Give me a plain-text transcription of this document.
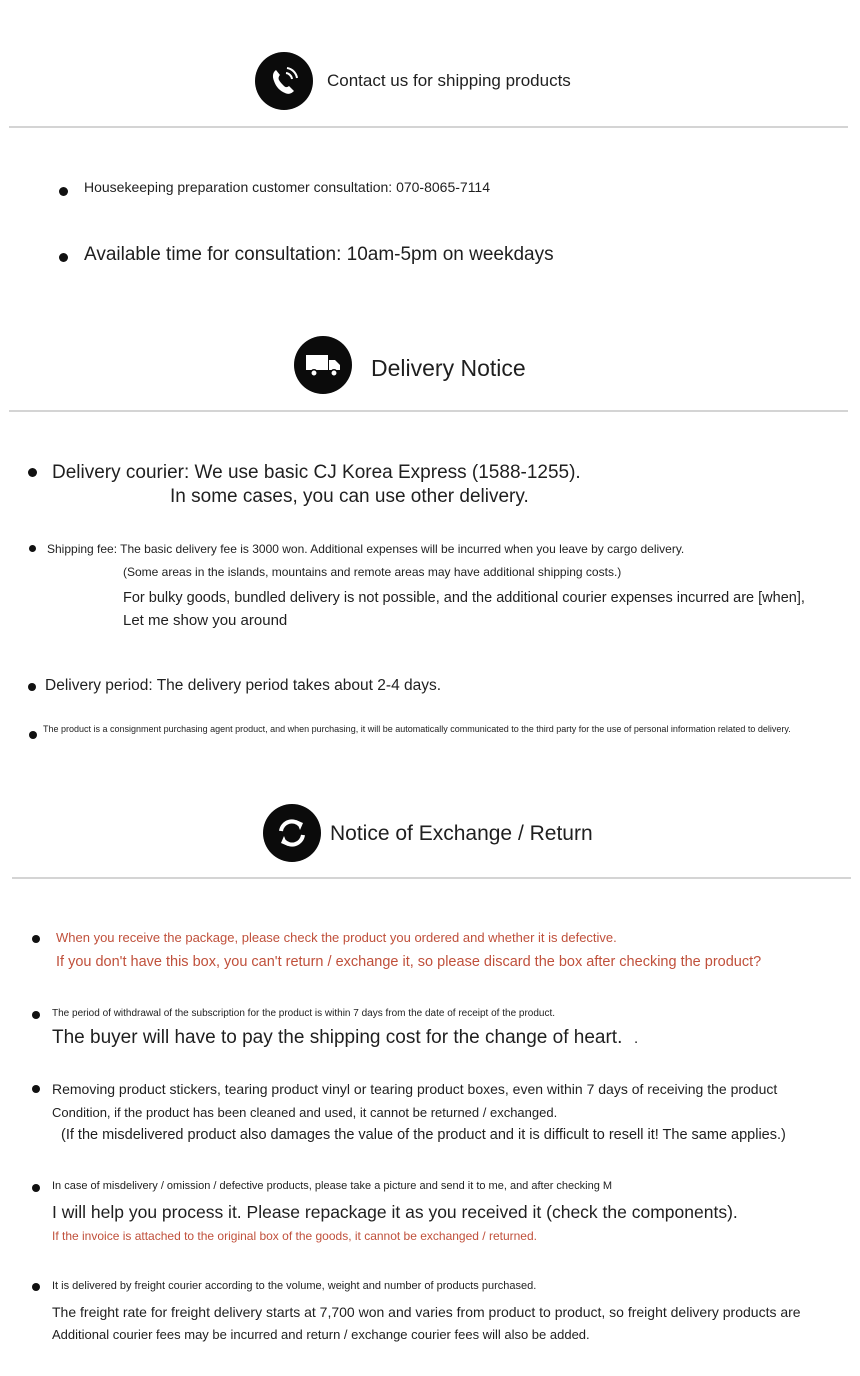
Contact us for shipping products
Housekeeping preparation customer consultation: 070-8065-7114
Available time for consultation: 10am-5pm on weekdays
Delivery Notice
Delivery courier: We use basic CJ Korea Express (1588-1255).
In some cases, you can use other delivery.
Shipping fee: The basic delivery fee is 3000 won. Additional expenses will be incurred when you leave by cargo delivery.
(Some areas in the islands, mountains and remote areas may have additional shipping costs.)
For bulky goods, bundled delivery is not possible, and the additional courier expenses incurred are [when],
Let me show you around
Delivery period: The delivery period takes about 2-4 days.
The product is a consignment purchasing agent product, and when purchasing, it will be automatically communicated to the third party for the use of personal information related to delivery.
Notice of Exchange / Return
When you receive the package, please check the product you ordered and whether it is defective.
If you don't have this box, you can't return / exchange it, so please discard the box after checking the product?
The period of withdrawal of the subscription for the product is within 7 days from the date of receipt of the product.
The buyer will have to pay the shipping cost for the change of heart. .
Removing product stickers, tearing product vinyl or tearing product boxes, even within 7 days of receiving the product
Condition, if the product has been cleaned and used, it cannot be returned / exchanged.
(If the misdelivered product also damages the value of the product and it is difficult to resell it! The same applies.)
In case of misdelivery / omission / defective products, please take a picture and send it to me, and after checking M
I will help you process it. Please repackage it as you received it (check the components).
If the invoice is attached to the original box of the goods, it cannot be exchanged / returned.
It is delivered by freight courier according to the volume, weight and number of products purchased.
The freight rate for freight delivery starts at 7,700 won and varies from product to product, so freight delivery products are
Additional courier fees may be incurred and return / exchange courier fees will also be added.
